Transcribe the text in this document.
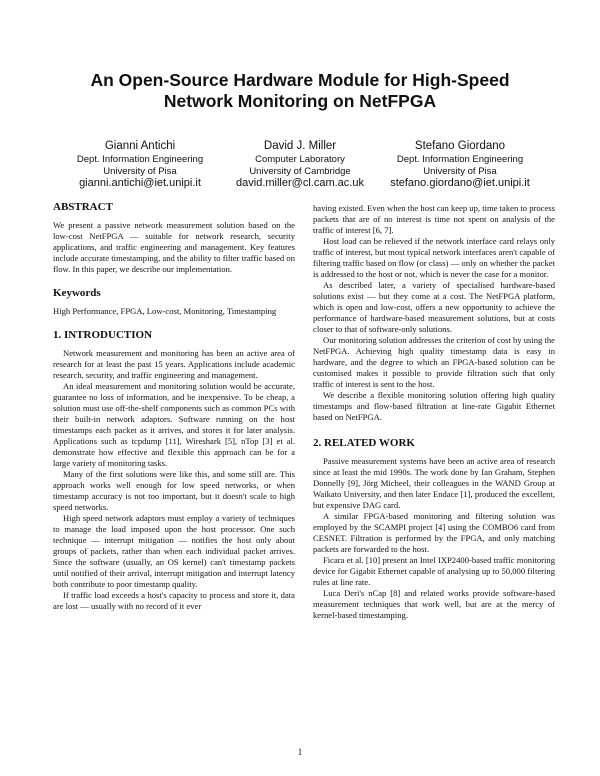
An Open-Source Hardware Module for High-Speed
Network Monitoring on NetFPGA
Gianni Antichi
Dept. Information Engineering
University of Pisa
gianni.antichi@iet.unipi.it
David J. Miller
Computer Laboratory
University of Cambridge
david.miller@cl.cam.ac.uk
Stefano Giordano
Dept. Information Engineering
University of Pisa
stefano.giordano@iet.unipi.it
ABSTRACT

We present a passive network measurement solution based on the low-cost NetFPGA — suitable for network research, security applications, and traffic engineering and management. Key features include accurate timestamping, and the ability to filter traffic based on flow. In this paper, we describe our implementation.

Keywords

High Performance, FPGA, Low-cost, Monitoring, Timestamping

1. INTRODUCTION

Network measurement and monitoring has been an active area of research for at least the past 15 years. Applications include academic research, security, and traffic engineering and management.

An ideal measurement and monitoring solution would be accurate, guarantee no loss of information, and be inexpensive. To be cheap, a solution must use off-the-shelf components such as common PCs with their built-in network adaptors. Software running on the host timestamps each packet as it arrives, and stores it for later analysis. Applications such as tcpdump [11], Wireshark [5], nTop [3] et al. demonstrate how effective and flexible this approach can be for a large variety of monitoring tasks.

Many of the first solutions were like this, and some still are. This approach works well enough for low speed networks, or when timestamp accuracy is not too important, but it doesn't scale to high speed networks.

High speed network adaptors must employ a variety of techniques to manage the load imposed upon the host processor. One such technique — interrupt mitigation — notifies the host only about groups of packets, rather than when each individual packet arrives. Since the software (usually, an OS kernel) can't timestamp packets until notified of their arrival, interrupt mitigation and interrupt latency both contribute to poor timestamp quality.

If traffic load exceeds a host's capacity to process and store it, data are lost — usually with no record of it ever

having existed. Even when the host can keep up, time taken to process packets that are of no interest is time not spent on analysis of the traffic of interest [6, 7].

Host load can be relieved if the network interface card relays only traffic of interest, but most typical network interfaces aren't capable of filtering traffic based on flow (or class) — only on whether the packet is addressed to the host or not, which is never the case for a monitor.

As described later, a variety of specialised hardware-based solutions exist — but they come at a cost. The NetFPGA platform, which is open and low-cost, offers a new opportunity to achieve the performance of hardware-based measurement solutions, but at costs closer to that of software-only solutions.

Our monitoring solution addresses the criterion of cost by using the NetFPGA. Achieving high quality timestamp data is easy in hardware, and the degree to which an FPGA-based solution can be customised makes it possible to provide filtration such that only traffic of interest is sent to the host.

We describe a flexible monitoring solution offering high quality timestamps and flow-based filtration at line-rate Gigabit Ethernet based on NetFPGA.

2. RELATED WORK

Passive measurement systems have been an active area of research since at least the mid 1990s. The work done by Ian Graham, Stephen Donnelly [9], Jörg Micheel, their colleagues in the WAND Group at Waikato University, and then later Endace [1], produced the excellent, but expensive DAG card.

A similar FPGA-based monitoring and filtering solution was employed by the SCAMPI project [4] using the COMBO6 card from CESNET. Filtration is performed by the FPGA, and only matching packets are forwarded to the host.

Ficara et al. [10] present an Intel IXP2400-based traffic monitoring device for Gigabit Ethernet capable of analysing up to 50,000 filtering rules at line rate.

Luca Deri's nCap [8] and related works provide software-based measurement techniques that work well, but are at the mercy of kernel-based timestamping.

1
